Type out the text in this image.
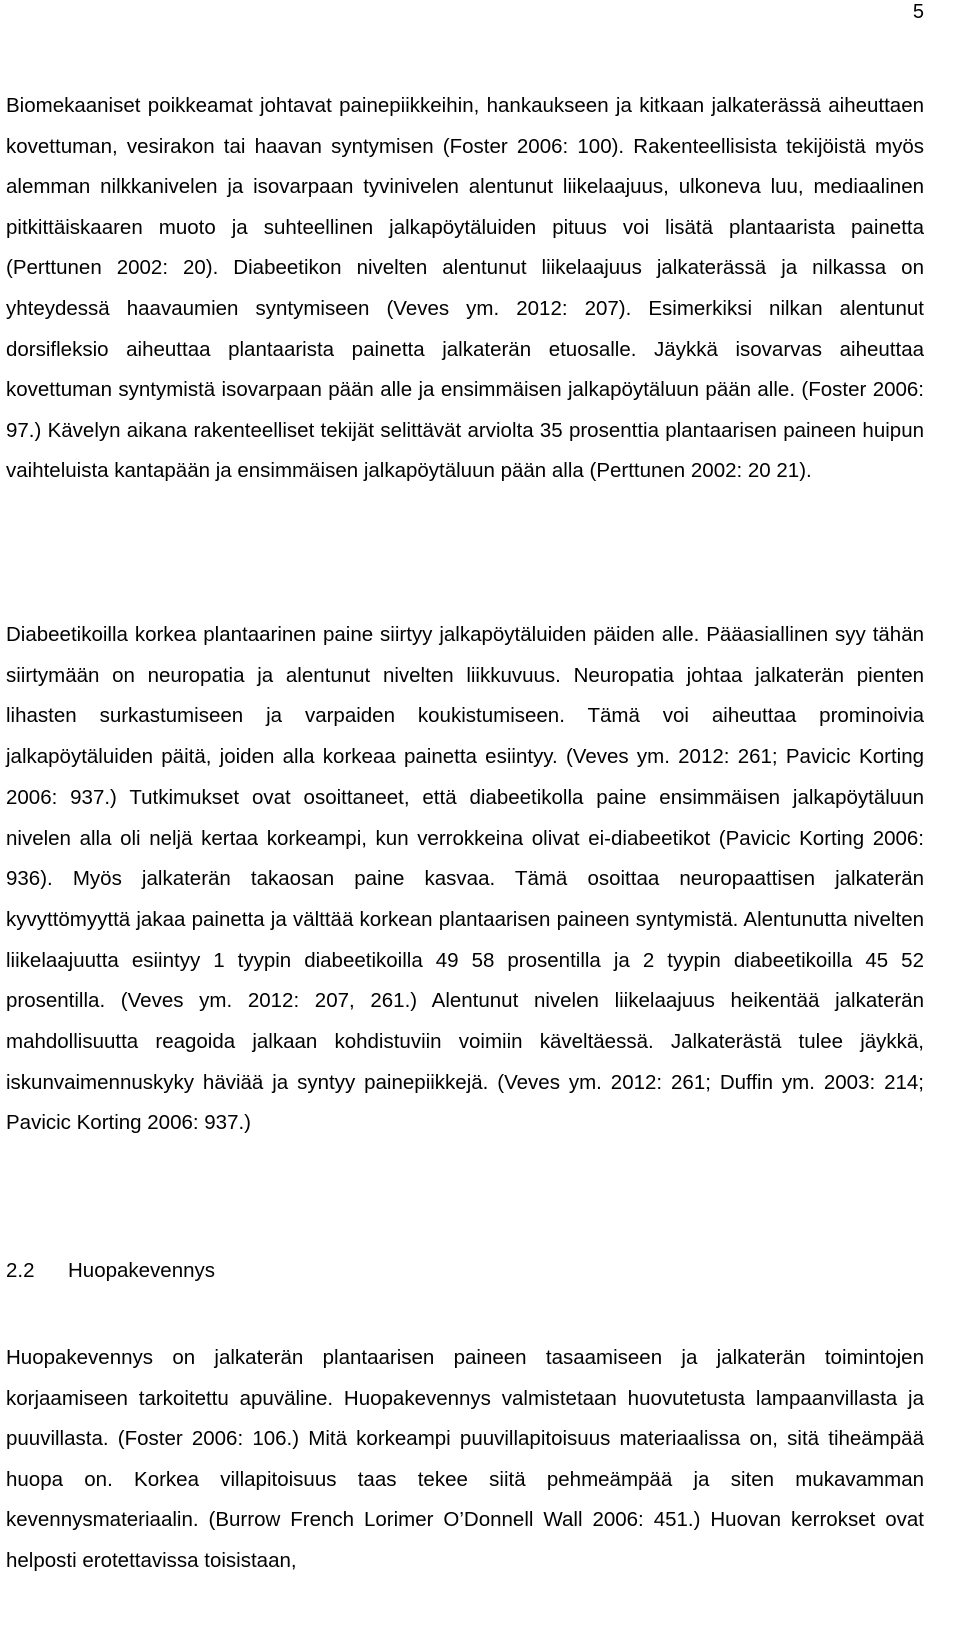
5

Biomekaaniset poikkeamat johtavat painepiikkeihin, hankaukseen ja kitkaan jalkaterässä aiheuttaen kovettuman, vesirakon tai haavan syntymisen (Foster 2006: 100). Rakenteellisista tekijöistä myös alemman nilkkanivelen ja isovarpaan tyvinivelen alentunut liikelaajuus, ulkoneva luu, mediaalinen pitkittäiskaaren muoto ja suhteellinen jalkapöytäluiden pituus voi lisätä plantaarista painetta (Perttunen 2002: 20). Diabeetikon nivelten alentunut liikelaajuus jalkaterässä ja nilkassa on yhteydessä haavaumien syntymiseen (Veves ym. 2012: 207). Esimerkiksi nilkan alentunut dorsifleksio aiheuttaa plantaarista painetta jalkaterän etuosalle. Jäykkä isovarvas aiheuttaa kovettuman syntymistä isovarpaan pään alle ja ensimmäisen jalkapöytäluun pään alle. (Foster 2006: 97.) Kävelyn aikana rakenteelliset tekijät selittävät arviolta 35 prosenttia plantaarisen paineen huipun vaihteluista kantapään ja ensimmäisen jalkapöytäluun pään alla (Perttunen 2002: 20 21).

Diabeetikoilla korkea plantaarinen paine siirtyy jalkapöytäluiden päiden alle. Pääasiallinen syy tähän siirtymään on neuropatia ja alentunut nivelten liikkuvuus. Neuropatia johtaa jalkaterän pienten lihasten surkastumiseen ja varpaiden koukistumiseen. Tämä voi aiheuttaa prominoivia jalkapöytäluiden päitä, joiden alla korkeaa painetta esiintyy. (Veves ym. 2012: 261; Pavicic Korting 2006: 937.) Tutkimukset ovat osoittaneet, että diabeetikolla paine ensimmäisen jalkapöytäluun nivelen alla oli neljä kertaa korkeampi, kun verrokkeina olivat ei-diabeetikot (Pavicic Korting 2006: 936). Myös jalkaterän takaosan paine kasvaa. Tämä osoittaa neuropaattisen jalkaterän kyvyttömyyttä jakaa painetta ja välttää korkean plantaarisen paineen syntymistä. Alentunutta nivelten liikelaajuutta esiintyy 1 tyypin diabeetikoilla 49 58 prosentilla ja 2 tyypin diabeetikoilla 45 52 prosentilla. (Veves ym. 2012: 207, 261.) Alentunut nivelen liikelaajuus heikentää jalkaterän mahdollisuutta reagoida jalkaan kohdistuviin voimiin käveltäessä. Jalkaterästä tulee jäykkä, iskunvaimennuskyky häviää ja syntyy painepiikkejä. (Veves ym. 2012: 261; Duffin ym. 2003: 214; Pavicic Korting 2006: 937.)

2.2 Huopakevennys

Huopakevennys on jalkaterän plantaarisen paineen tasaamiseen ja jalkaterän toimintojen korjaamiseen tarkoitettu apuväline. Huopakevennys valmistetaan huovutetusta lampaanvillasta ja puuvillasta. (Foster 2006: 106.) Mitä korkeampi puuvillapitoisuus materiaalissa on, sitä tiheämpää huopa on. Korkea villapitoisuus taas tekee siitä pehmeämpää ja siten mukavamman kevennysmateriaalin. (Burrow French Lorimer O’Donnell Wall 2006: 451.) Huovan kerrokset ovat helposti erotettavissa toisistaan,
